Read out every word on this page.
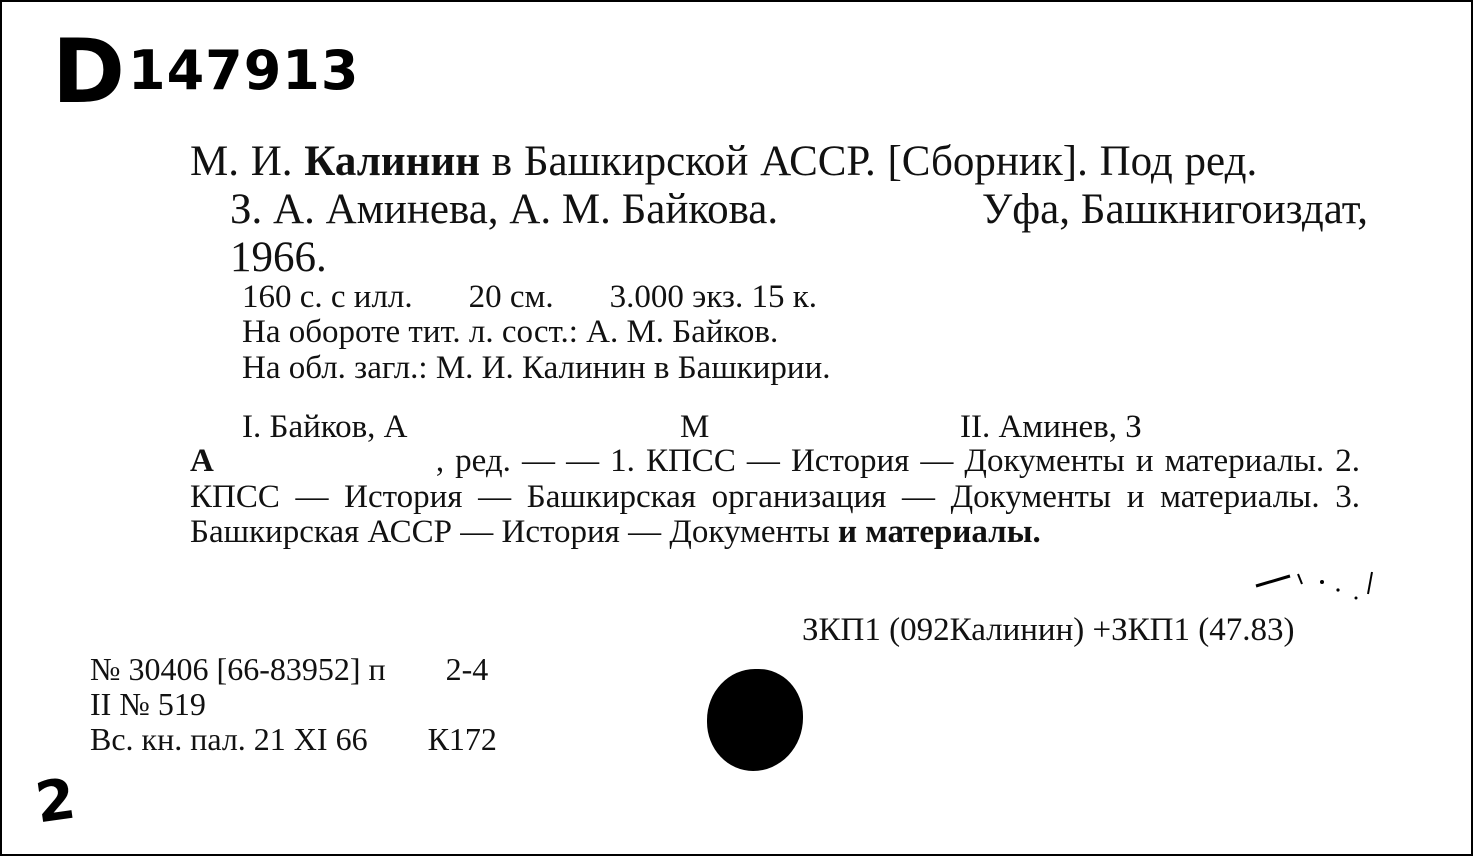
D 147913
М. И. Калинин в Башкирской АССР. [Сборник]. Под ред.
З. А. Аминева, А. М. Байкова.	Уфа, Башкнигоиздат,
1966.
160 с. с илл. 20 см. 3.000 экз. 15 к.
На обороте тит. л. сост.: А. М. Байков.
На обл. загл.: М. И. Калинин в Башкирии.
I. Байков, А	М	II. Аминев, З
А	, ред. — — 1. КПСС — История — Документы и материалы. 2. КПСС — История — Башкирская организация — Документы и материалы. 3. Башкирская АССР — История — Документы и материалы.
ЗКП1 (092Калинин) +ЗКП1 (47.83)
№ 30406 [66-83952] п 2-4
II № 519
Вс. кн. пал. 21 XI 66 К172
2
